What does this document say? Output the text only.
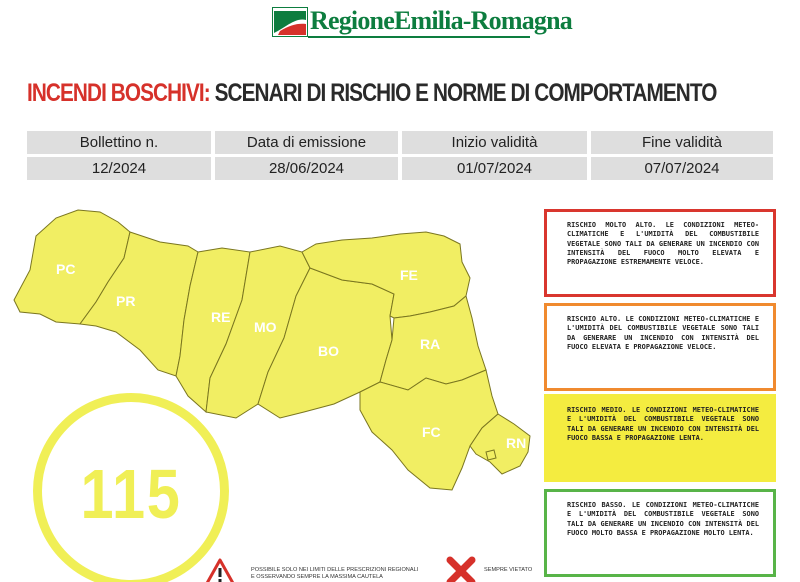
RegioneEmilia-Romagna
INCENDI BOSCHIVI: SCENARI DI RISCHIO E NORME DI COMPORTAMENTO
Bollettino n.	Data di emissione	Inizio validità	Fine validità
12/2024	28/06/2024	01/07/2024	07/07/2024
PC
PR
RE
MO
BO
FE
RA
FC
RN
115
RISCHIO MOLTO ALTO. LE CONDIZIONI METEO-CLIMATICHE E L'UMIDITÀ DEL COMBUSTIBILE VEGETALE SONO TALI DA GENERARE UN INCENDIO CON INTENSITÀ DEL FUOCO MOLTO ELEVATA E PROPAGAZIONE ESTREMAMENTE VELOCE.
RISCHIO ALTO. LE CONDIZIONI METEO-CLIMATICHE E L'UMIDITÀ DEL COMBUSTIBILE VEGETALE SONO TALI DA GENERARE UN INCENDIO CON INTENSITÀ DEL FUOCO ELEVATA E PROPAGAZIONE VELOCE.
RISCHIO MEDIO. LE CONDIZIONI METEO-CLIMATICHE E L'UMIDITÀ DEL COMBUSTIBILE VEGETALE SONO TALI DA GENERARE UN INCENDIO CON INTENSITÀ DEL FUOCO BASSA E PROPAGAZIONE LENTA.
RISCHIO BASSO. LE CONDIZIONI METEO-CLIMATICHE E L'UMIDITÀ DEL COMBUSTIBILE VEGETALE SONO TALI DA GENERARE UN INCENDIO CON INTENSITÀ DEL FUOCO MOLTO BASSA E PROPAGAZIONE MOLTO LENTA.
POSSIBILE SOLO NEI LIMITI DELLE PRESCRIZIONI REGIONALI
E OSSERVANDO SEMPRE LA MASSIMA CAUTELA
SEMPRE VIETATO
